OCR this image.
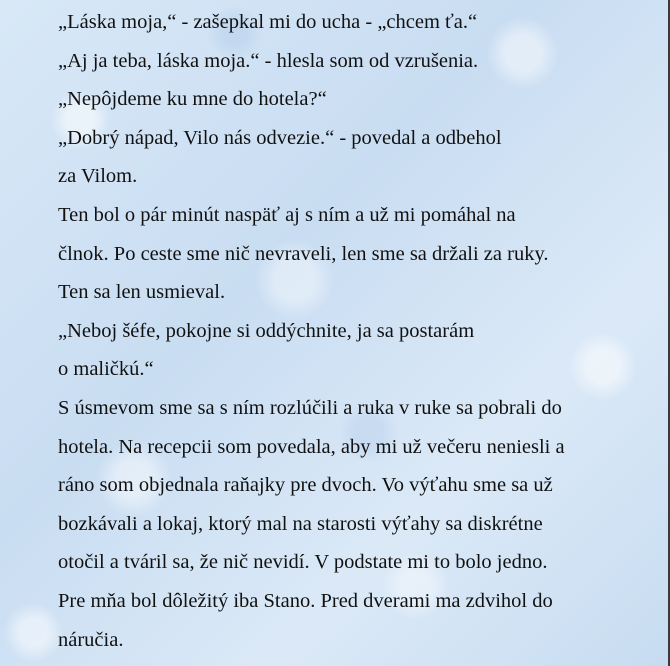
„Láska moja,“ - zašepkal mi do ucha - „chcem ťa.“
„Aj ja teba, láska moja.“ - hlesla som od vzrušenia.
„Nepôjdeme ku mne do hotela?“
„Dobrý nápad, Vilo nás odvezie.“ - povedal a odbehol
za Vilom.
Ten bol o pár minút naspäť aj s ním a už mi pomáhal na
člnok. Po ceste sme nič nevraveli, len sme sa držali za ruky.
Ten sa len usmieval.
„Neboj šéfe, pokojne si oddýchnite, ja sa postarám
o maličkú.“
S úsmevom sme sa s ním rozlúčili a ruka v ruke sa pobrali do
hotela. Na recepcii som povedala, aby mi už večeru neniesli a
ráno som objednala raňajky pre dvoch. Vo výťahu sme sa už
bozkávali a lokaj, ktorý mal na starosti výťahy sa diskrétne
otočil a tváril sa, že nič nevidí. V podstate mi to bolo jedno.
Pre mňa bol dôležitý iba Stano. Pred dverami ma zdvihol do
náručia.
